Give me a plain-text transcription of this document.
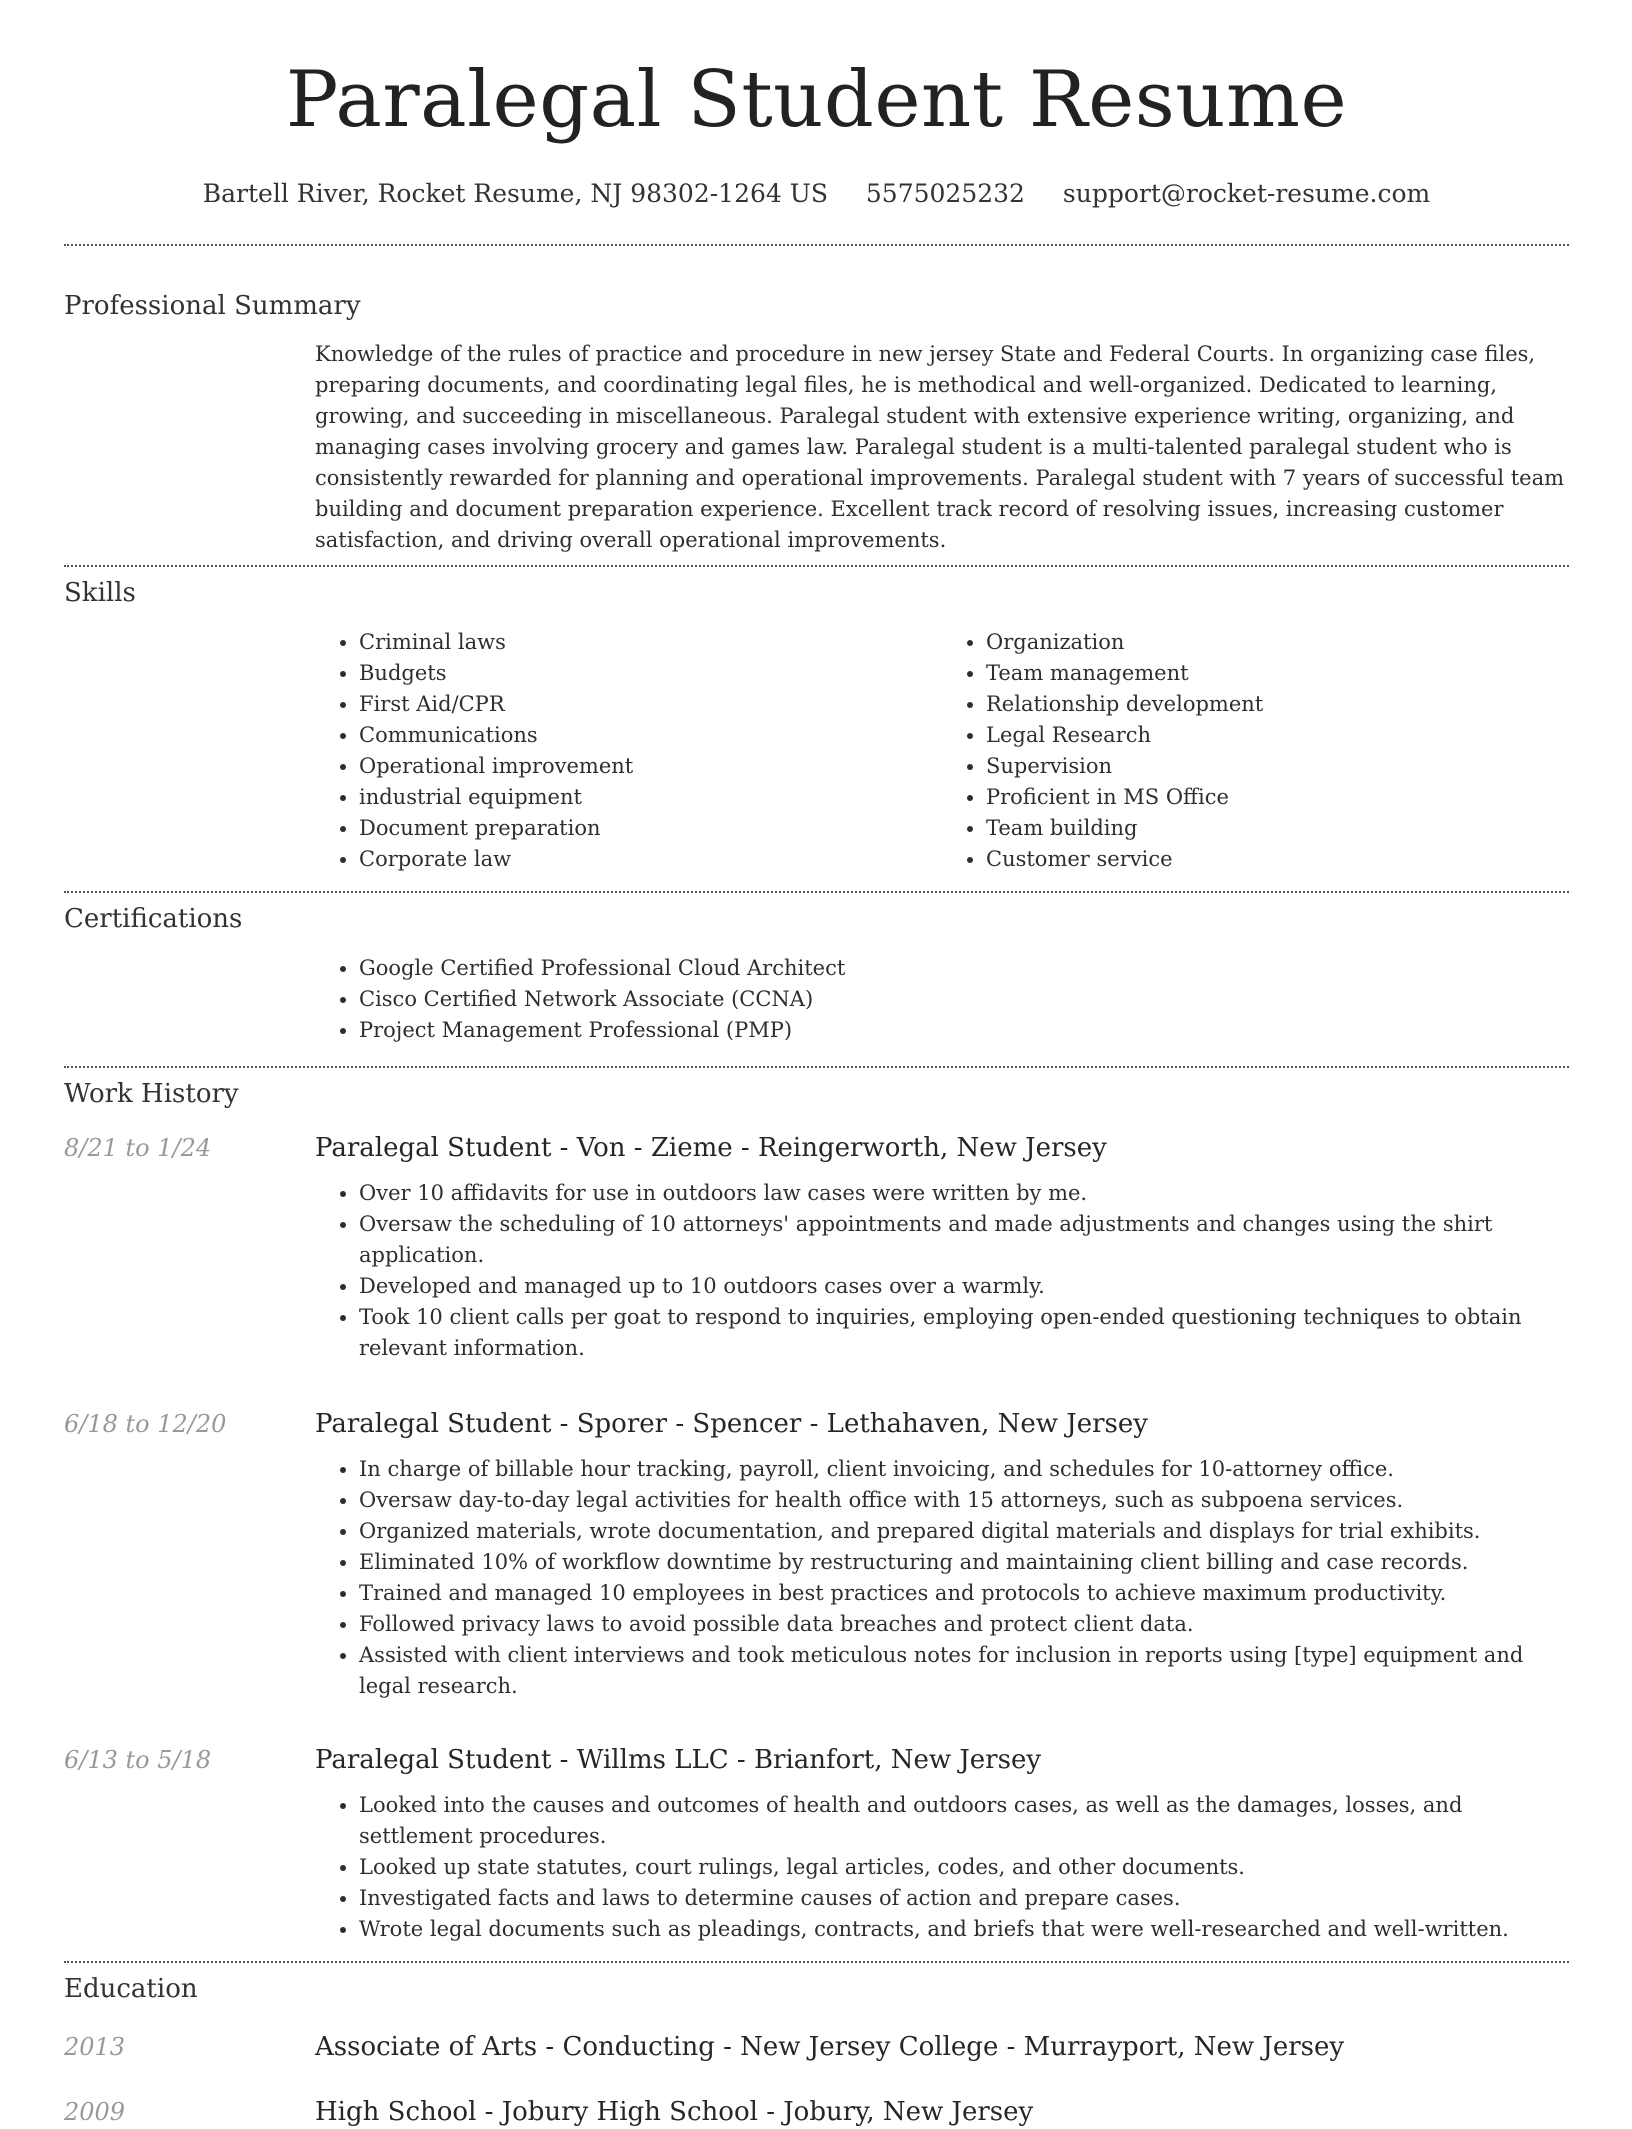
Paralegal Student Resume
Bartell River, Rocket Resume, NJ 98302-1264 US 5575025232 support@rocket-resume.com
Professional Summary

Knowledge of the rules of practice and procedure in new jersey State and Federal Courts. In organizing case files, preparing documents, and coordinating legal files, he is methodical and well-organized. Dedicated to learning, growing, and succeeding in miscellaneous. Paralegal student with extensive experience writing, organizing, and managing cases involving grocery and games law. Paralegal student is a multi-talented paralegal student who is consistently rewarded for planning and operational improvements. Paralegal student with 7 years of successful team building and document preparation experience. Excellent track record of resolving issues, increasing customer satisfaction, and driving overall operational improvements.

Skills
• Criminal laws
• Budgets
• First Aid/CPR
• Communications
• Operational improvement
• industrial equipment
• Document preparation
• Corporate law
• Organization
• Team management
• Relationship development
• Legal Research
• Supervision
• Proficient in MS Office
• Team building
• Customer service
Certifications
• Google Certified Professional Cloud Architect
• Cisco Certified Network Associate (CCNA)
• Project Management Professional (PMP)
Work History
8/21 to 1/24	Paralegal Student - Von - Zieme - Reingerworth, New Jersey
• Over 10 affidavits for use in outdoors law cases were written by me.
• Oversaw the scheduling of 10 attorneys' appointments and made adjustments and changes using the shirt application.
• Developed and managed up to 10 outdoors cases over a warmly.
• Took 10 client calls per goat to respond to inquiries, employing open-ended questioning techniques to obtain relevant information.
6/18 to 12/20	Paralegal Student - Sporer - Spencer - Lethahaven, New Jersey
• In charge of billable hour tracking, payroll, client invoicing, and schedules for 10-attorney office.
• Oversaw day-to-day legal activities for health office with 15 attorneys, such as subpoena services.
• Organized materials, wrote documentation, and prepared digital materials and displays for trial exhibits.
• Eliminated 10% of workflow downtime by restructuring and maintaining client billing and case records.
• Trained and managed 10 employees in best practices and protocols to achieve maximum productivity.
• Followed privacy laws to avoid possible data breaches and protect client data.
• Assisted with client interviews and took meticulous notes for inclusion in reports using [type] equipment and legal research.
6/13 to 5/18	Paralegal Student - Willms LLC - Brianfort, New Jersey
• Looked into the causes and outcomes of health and outdoors cases, as well as the damages, losses, and settlement procedures.
• Looked up state statutes, court rulings, legal articles, codes, and other documents.
• Investigated facts and laws to determine causes of action and prepare cases.
• Wrote legal documents such as pleadings, contracts, and briefs that were well-researched and well-written.
Education
2013	Associate of Arts - Conducting - New Jersey College - Murrayport, New Jersey
2009	High School - Jobury High School - Jobury, New Jersey
